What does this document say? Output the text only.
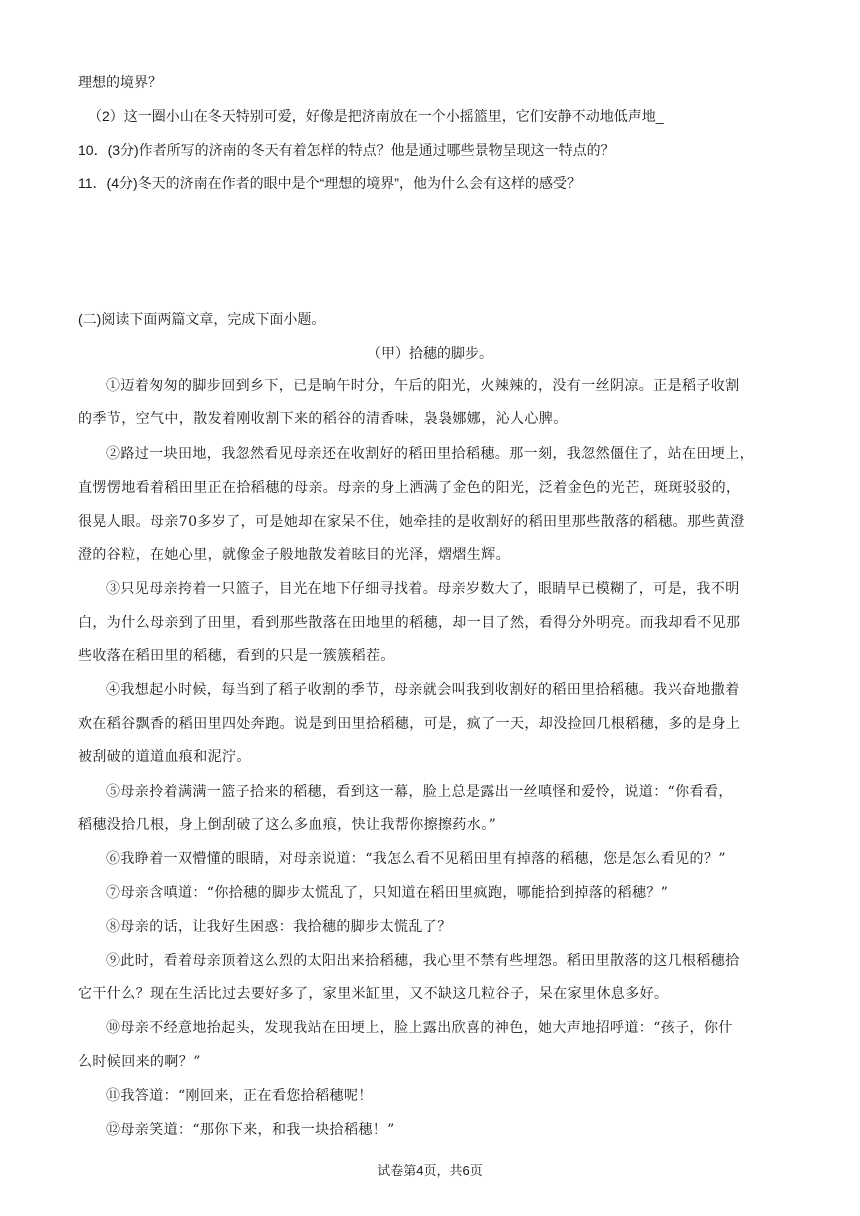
理想的境界？
（2）这一圈小山在冬天特别可爱，好像是把济南放在一个小摇篮里，它们安静不动地低声地_
10．(3分)作者所写的济南的冬天有着怎样的特点？他是通过哪些景物呈现这一特点的？
11．(4分)冬天的济南在作者的眼中是个“理想的境界”，他为什么会有这样的感受？
(二)阅读下面两篇文章，完成下面小题。
（甲）拾穗的脚步。
①迈着匆匆的脚步回到乡下，已是晌午时分，午后的阳光，火辣辣的，没有一丝阴凉。正是稻子收割
的季节，空气中，散发着刚收割下来的稻谷的清香味，袅袅娜娜，沁人心脾。
②路过一块田地，我忽然看见母亲还在收割好的稻田里拾稻穗。那一刻，我忽然僵住了，站在田埂上，
直愣愣地看着稻田里正在拾稻穗的母亲。母亲的身上洒满了金色的阳光，泛着金色的光芒，斑斑驳驳的，
很晃人眼。母亲70多岁了，可是她却在家呆不住，她牵挂的是收割好的稻田里那些散落的稻穗。那些黄澄
澄的谷粒，在她心里，就像金子般地散发着眩目的光泽，熠熠生辉。
③只见母亲挎着一只篮子，目光在地下仔细寻找着。母亲岁数大了，眼睛早已模糊了，可是，我不明
白，为什么母亲到了田里，看到那些散落在田地里的稻穗，却一目了然，看得分外明亮。而我却看不见那
些收落在稻田里的稻穗，看到的只是一簇簇稻茬。
④我想起小时候，每当到了稻子收割的季节，母亲就会叫我到收割好的稻田里拾稻穗。我兴奋地撒着
欢在稻谷飘香的稻田里四处奔跑。说是到田里拾稻穗，可是，疯了一天，却没捡回几根稻穗，多的是身上
被刮破的道道血痕和泥泞。
⑤母亲拎着满满一篮子拾来的稻穗，看到这一幕，脸上总是露出一丝嗔怪和爱怜，说道：“你看看，
稻穗没拾几根，身上倒刮破了这么多血痕，快让我帮你擦擦药水。”
⑥我睁着一双懵懂的眼睛，对母亲说道：“我怎么看不见稻田里有掉落的稻穗，您是怎么看见的？”
⑦母亲含嗔道：“你拾穗的脚步太慌乱了，只知道在稻田里疯跑，哪能拾到掉落的稻穗？”
⑧母亲的话，让我好生困惑：我拾穗的脚步太慌乱了？
⑨此时，看着母亲顶着这么烈的太阳出来拾稻穗，我心里不禁有些埋怨。稻田里散落的这几根稻穗拾
它干什么？现在生活比过去要好多了，家里米缸里，又不缺这几粒谷子，呆在家里休息多好。
⑩母亲不经意地抬起头，发现我站在田埂上，脸上露出欣喜的神色，她大声地招呼道：“孩子，你什
么时候回来的啊？”
⑪我答道：“刚回来，正在看您拾稻穗呢！
⑫母亲笑道：“那你下来，和我一块拾稻穗！”
试卷第4页，共6页
